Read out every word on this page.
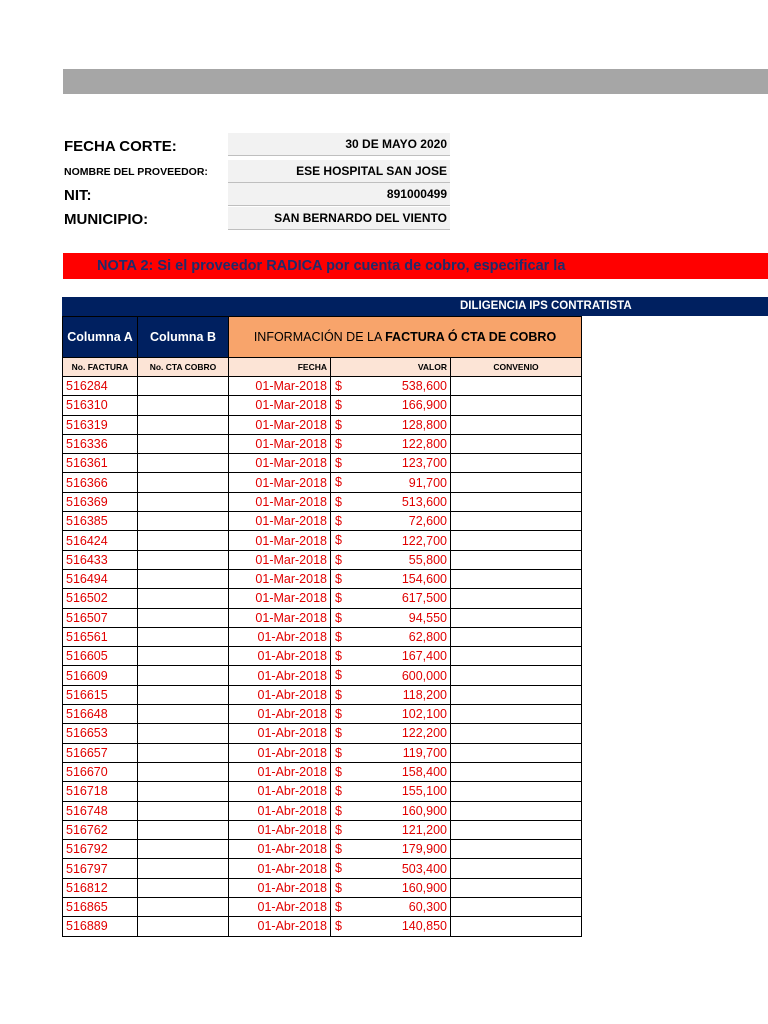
FECHA CORTE:	30 DE MAYO 2020
NOMBRE DEL PROVEEDOR:	ESE HOSPITAL SAN JOSE
NIT:	891000499
MUNICIPIO:	SAN BERNARDO DEL VIENTO
NOTA 2: Si el proveedor RADICA por cuenta de cobro, especificar la
DILIGENCIA IPS CONTRATISTA
Columna A	Columna B	INFORMACIÓN DE LA FACTURA Ó CTA DE COBRO		
No. FACTURA	No. CTA COBRO	FECHA	VALOR	CONVENIO
516284		01-Mar-2018	$ 538,600	
516310		01-Mar-2018	$ 166,900	
516319		01-Mar-2018	$ 128,800	
516336		01-Mar-2018	$ 122,800	
516361		01-Mar-2018	$ 123,700	
516366		01-Mar-2018	$ 91,700	
516369		01-Mar-2018	$ 513,600	
516385		01-Mar-2018	$ 72,600	
516424		01-Mar-2018	$ 122,700	
516433		01-Mar-2018	$ 55,800	
516494		01-Mar-2018	$ 154,600	
516502		01-Mar-2018	$ 617,500	
516507		01-Mar-2018	$ 94,550	
516561		01-Abr-2018	$ 62,800	
516605		01-Abr-2018	$ 167,400	
516609		01-Abr-2018	$ 600,000	
516615		01-Abr-2018	$ 118,200	
516648		01-Abr-2018	$ 102,100	
516653		01-Abr-2018	$ 122,200	
516657		01-Abr-2018	$ 119,700	
516670		01-Abr-2018	$ 158,400	
516718		01-Abr-2018	$ 155,100	
516748		01-Abr-2018	$ 160,900	
516762		01-Abr-2018	$ 121,200	
516792		01-Abr-2018	$ 179,900	
516797		01-Abr-2018	$ 503,400	
516812		01-Abr-2018	$ 160,900	
516865		01-Abr-2018	$ 60,300	
516889		01-Abr-2018	$ 140,850	
